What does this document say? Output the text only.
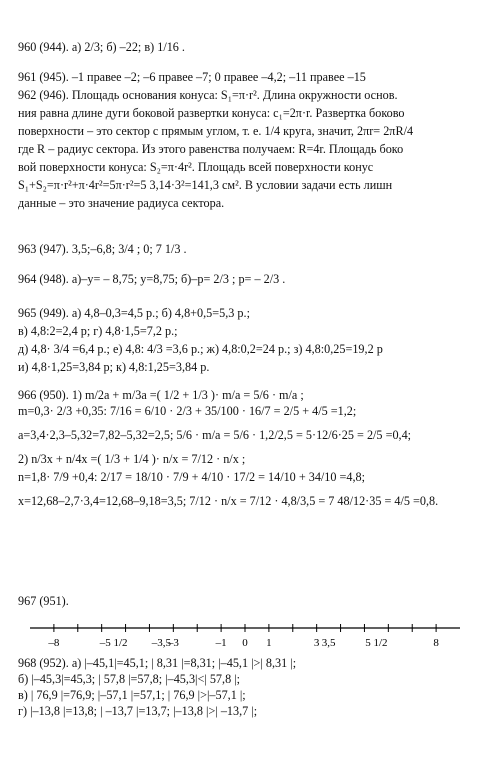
960 (944). а) 2/3; б) –22; в) 1/16 .
961 (945). –1 правее –2; –6 правее –7; 0 правее –4,2; –11 правее –15
962 (946). Площадь основания конуса: S₁=π·r². Длина окружности основ.
ния равна длине дуги боковой развертки конуса: c₁=2π·r. Развертка боково
поверхности – это сектор с прямым углом, т. е. 1/4 круга, значит, 2πr= 2πR/4
где R – радиус сектора. Из этого равенства получаем: R=4r. Площадь боко
вой поверхности конуса: S₂=π·4r². Площадь всей поверхности конус
S₁+S₂=π·r²+π·4r²=5π·r²=5 3,14·3²=141,3 см². В условии задачи есть лишн
данные – это значение радиуса сектора.
963 (947). 3,5;–6,8; 3/4 ; 0; 7 1/3 .
964 (948). а)–у= – 8,75; у=8,75; б)–р= 2/3 ; р= – 2/3 .
965 (949). а) 4,8–0,3=4,5 р.; б) 4,8+0,5=5,3 р.;
в) 4,8:2=2,4 р; г) 4,8·1,5=7,2 р.;
д) 4,8· 3/4 =6,4 р.; е) 4,8: 4/3 =3,6 р.; ж) 4,8:0,2=24 р.; з) 4,8:0,25=19,2 р
и) 4,8·1,25=3,84 р; к) 4,8:1,25=3,84 р.
966 (950). 1) m/2a + m/3a =( 1/2 + 1/3 )· m/a = 5/6 · m/a ;
m=0,3· 2/3 +0,35: 7/16 = 6/10 · 2/3 + 35/100 · 16/7 = 2/5 + 4/5 =1,2;
a=3,4·2,3–5,32=7,82–5,32=2,5; 5/6 · m/a = 5/6 · 1,2/2,5 = 5·12/6·25 = 2/5 =0,4;
2) n/3x + n/4x =( 1/3 + 1/4 )· n/x = 7/12 · n/x ;
n=1,8· 7/9 +0,4: 2/17 = 18/10 · 7/9 + 4/10 · 17/2 = 14/10 + 34/10 =4,8;
x=12,68–2,7·3,4=12,68–9,18=3,5; 7/12 · n/x = 7/12 · 4,8/3,5 = 7 48/12·35 = 4/5 =0,8.
967 (951).
968 (952). а) |–45,1|=45,1; | 8,31 |=8,31; |–45,1 |>| 8,31 |;
б) |–45,3|=45,3; | 57,8 |=57,8; |–45,3|<| 57,8 |;
в) | 76,9 |=76,9; |–57,1 |=57,1; | 76,9 |>|–57,1 |;
г) |–13,8 |=13,8; | –13,7 |=13,7; |–13,8 |>| –13,7 |;
–8	–5 1/2 –3,5
–3	–1 0 1	3 3,5	5 1/2	8
